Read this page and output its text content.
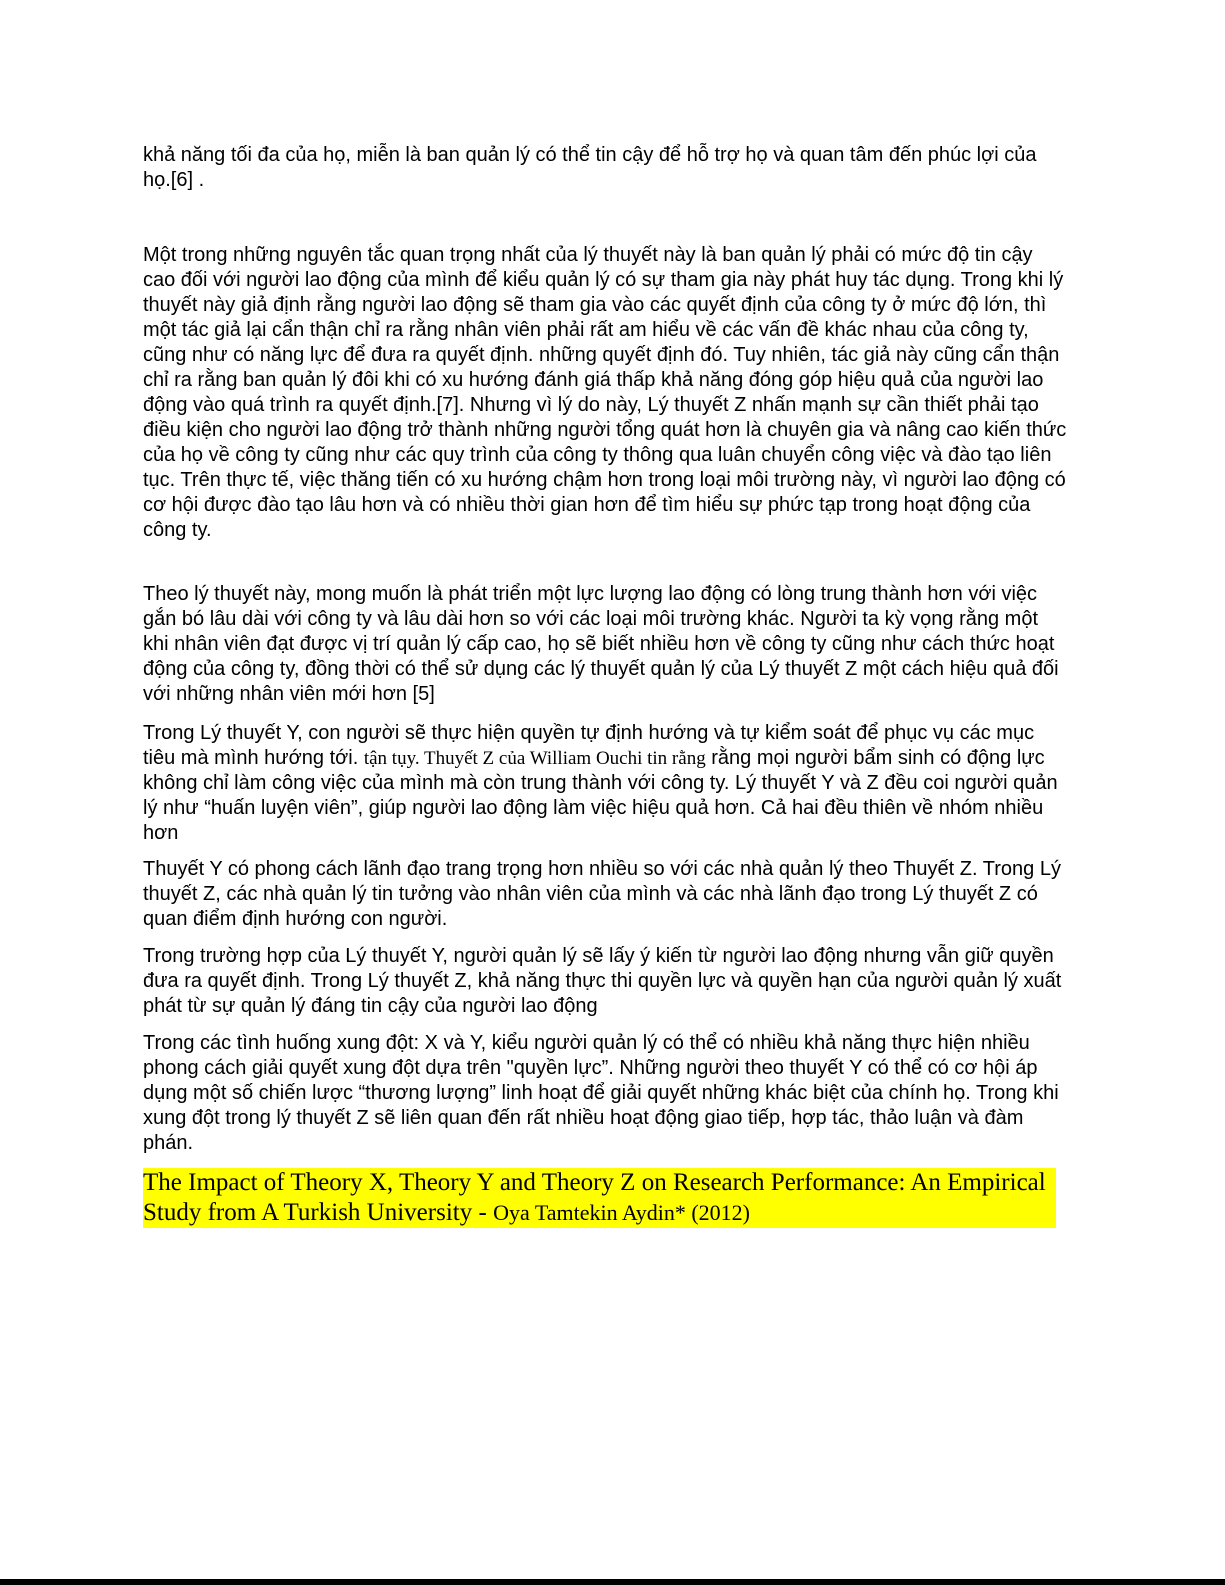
khả năng tối đa của họ, miễn là ban quản lý có thể tin cậy để hỗ trợ họ và quan tâm đến phúc lợi của họ.[6] .

Một trong những nguyên tắc quan trọng nhất của lý thuyết này là ban quản lý phải có mức độ tin cậy cao đối với người lao động của mình để kiểu quản lý có sự tham gia này phát huy tác dụng. Trong khi lý thuyết này giả định rằng người lao động sẽ tham gia vào các quyết định của công ty ở mức độ lớn, thì một tác giả lại cẩn thận chỉ ra rằng nhân viên phải rất am hiểu về các vấn đề khác nhau của công ty, cũng như có năng lực để đưa ra quyết định. những quyết định đó. Tuy nhiên, tác giả này cũng cẩn thận chỉ ra rằng ban quản lý đôi khi có xu hướng đánh giá thấp khả năng đóng góp hiệu quả của người lao động vào quá trình ra quyết định.[7]. Nhưng vì lý do này, Lý thuyết Z nhấn mạnh sự cần thiết phải tạo điều kiện cho người lao động trở thành những người tổng quát hơn là chuyên gia và nâng cao kiến thức của họ về công ty cũng như các quy trình của công ty thông qua luân chuyển công việc và đào tạo liên tục. Trên thực tế, việc thăng tiến có xu hướng chậm hơn trong loại môi trường này, vì người lao động có cơ hội được đào tạo lâu hơn và có nhiều thời gian hơn để tìm hiểu sự phức tạp trong hoạt động của công ty.

Theo lý thuyết này, mong muốn là phát triển một lực lượng lao động có lòng trung thành hơn với việc gắn bó lâu dài với công ty và lâu dài hơn so với các loại môi trường khác. Người ta kỳ vọng rằng một khi nhân viên đạt được vị trí quản lý cấp cao, họ sẽ biết nhiều hơn về công ty cũng như cách thức hoạt động của công ty, đồng thời có thể sử dụng các lý thuyết quản lý của Lý thuyết Z một cách hiệu quả đối với những nhân viên mới hơn [5]

Trong Lý thuyết Y, con người sẽ thực hiện quyền tự định hướng và tự kiểm soát để phục vụ các mục tiêu mà mình hướng tới. tận tụy. Thuyết Z của William Ouchi tin rằng rằng mọi người bẩm sinh có động lực không chỉ làm công việc của mình mà còn trung thành với công ty. Lý thuyết Y và Z đều coi người quản lý như “huấn luyện viên”, giúp người lao động làm việc hiệu quả hơn. Cả hai đều thiên về nhóm nhiều hơn

Thuyết Y có phong cách lãnh đạo trang trọng hơn nhiều so với các nhà quản lý theo Thuyết Z. Trong Lý thuyết Z, các nhà quản lý tin tưởng vào nhân viên của mình và các nhà lãnh đạo trong Lý thuyết Z có quan điểm định hướng con người.

Trong trường hợp của Lý thuyết Y, người quản lý sẽ lấy ý kiến từ người lao động nhưng vẫn giữ quyền đưa ra quyết định. Trong Lý thuyết Z, khả năng thực thi quyền lực và quyền hạn của người quản lý xuất phát từ sự quản lý đáng tin cậy của người lao động

Trong các tình huống xung đột: X và Y, kiểu người quản lý có thể có nhiều khả năng thực hiện nhiều phong cách giải quyết xung đột dựa trên "quyền lực”. Những người theo thuyết Y có thể có cơ hội áp dụng một số chiến lược “thương lượng” linh hoạt để giải quyết những khác biệt của chính họ. Trong khi xung đột trong lý thuyết Z sẽ liên quan đến rất nhiều hoạt động giao tiếp, hợp tác, thảo luận và đàm phán.

The Impact of Theory X, Theory Y and Theory Z on Research Performance: An Empirical Study from A Turkish University - Oya Tamtekin Aydin* (2012)
